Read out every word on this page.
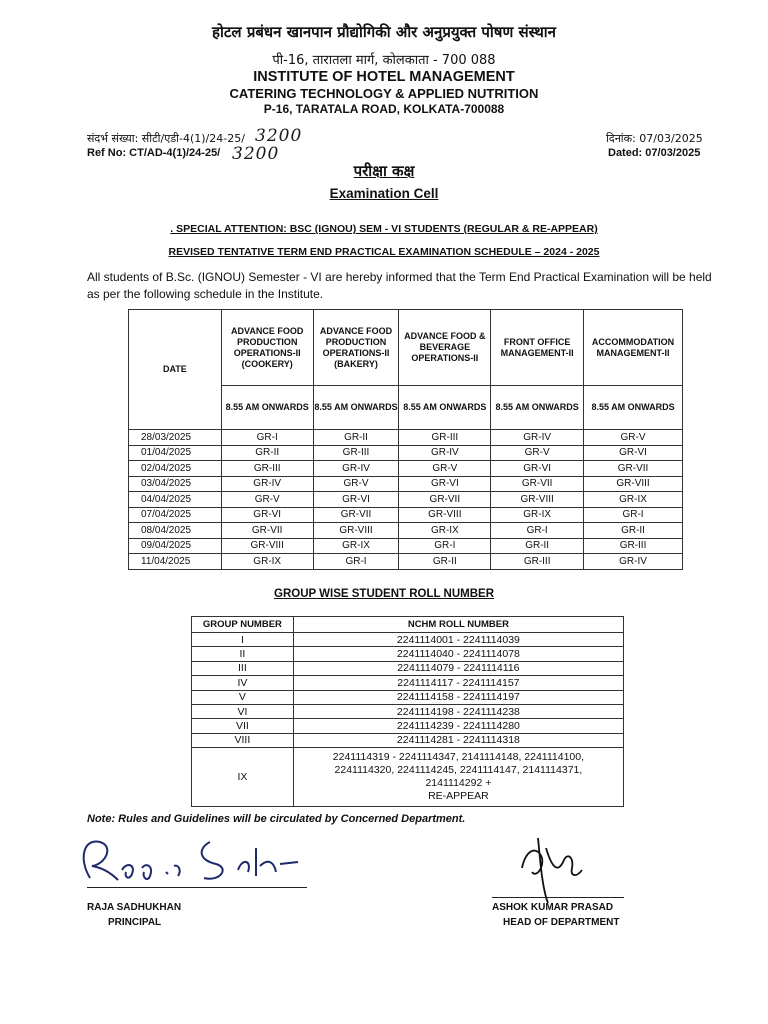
होटल प्रबंधन खानपान प्रौद्योगिकी और अनुप्रयुक्त पोषण संस्थान
पी-16, तारातला मार्ग, कोलकाता - 700 088
INSTITUTE OF HOTEL MANAGEMENT
CATERING TECHNOLOGY & APPLIED NUTRITION
P-16, TARATALA ROAD, KOLKATA-700088
संदर्भ संख्या: सीटी/एडी-4(1)/24-25/ 3200
Ref No: CT/AD-4(1)/24-25/ 3200
दिनांक: 07/03/2025
Dated: 07/03/2025
परीक्षा कक्ष
Examination Cell
. SPECIAL ATTENTION: BSC (IGNOU) SEM - VI STUDENTS (REGULAR & RE-APPEAR)
REVISED TENTATIVE TERM END PRACTICAL EXAMINATION SCHEDULE – 2024 - 2025
All students of B.Sc. (IGNOU) Semester - VI are hereby informed that the Term End Practical Examination will be held as per the following schedule in the Institute.
DATE	ADVANCE FOOD PRODUCTION OPERATIONS-II (COOKERY)	ADVANCE FOOD PRODUCTION OPERATIONS-II (BAKERY)	ADVANCE FOOD & BEVERAGE OPERATIONS-II	FRONT OFFICE MANAGEMENT-II	ACCOMMODATION MANAGEMENT-II
	8.55 AM ONWARDS	8.55 AM ONWARDS	8.55 AM ONWARDS	8.55 AM ONWARDS	8.55 AM ONWARDS
28/03/2025	GR-I	GR-II	GR-III	GR-IV	GR-V
01/04/2025	GR-II	GR-III	GR-IV	GR-V	GR-VI
02/04/2025	GR-III	GR-IV	GR-V	GR-VI	GR-VII
03/04/2025	GR-IV	GR-V	GR-VI	GR-VII	GR-VIII
04/04/2025	GR-V	GR-VI	GR-VII	GR-VIII	GR-IX
07/04/2025	GR-VI	GR-VII	GR-VIII	GR-IX	GR-I
08/04/2025	GR-VII	GR-VIII	GR-IX	GR-I	GR-II
09/04/2025	GR-VIII	GR-IX	GR-I	GR-II	GR-III
11/04/2025	GR-IX	GR-I	GR-II	GR-III	GR-IV
GROUP WISE STUDENT ROLL NUMBER
GROUP NUMBER	NCHM ROLL NUMBER
I	2241114001 - 2241114039
II	2241114040 - 2241114078
III	2241114079 - 2241114116
IV	2241114117 - 2241114157
V	2241114158 - 2241114197
VI	2241114198 - 2241114238
VII	2241114239 - 2241114280
VIII	2241114281 - 2241114318
IX	2241114319 - 2241114347, 2141114148, 2241114100,
2241114320, 2241114245, 2241114147, 2141114371,
2141114292 +
RE-APPEAR
Note: Rules and Guidelines will be circulated by Concerned Department.
Raja S.dhukhan
RAJA SADHUKHAN
PRINCIPAL
ASHOK KUMAR PRASAD
HEAD OF DEPARTMENT
